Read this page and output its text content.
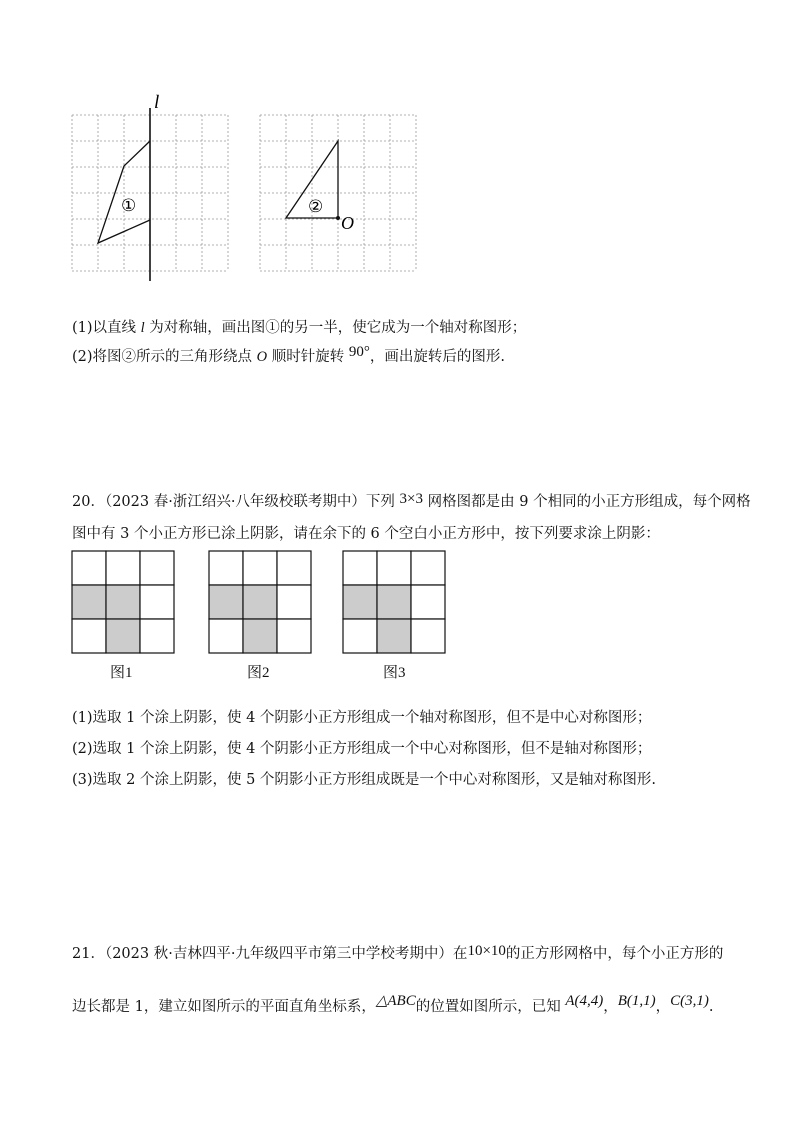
l
①	②
O
(1)以直线 l 为对称轴，画出图①的另一半，使它成为一个轴对称图形；
(2)将图②所示的三角形绕点 O 顺时针旋转 90°，画出旋转后的图形.
20．（2023 春·浙江绍兴·八年级校联考期中）下列 3×3 网格图都是由 9 个相同的小正方形组成，每个网格
图中有 3 个小正方形已涂上阴影，请在余下的 6 个空白小正方形中，按下列要求涂上阴影：
图1	图2	图3
(1)选取 1 个涂上阴影，使 4 个阴影小正方形组成一个轴对称图形，但不是中心对称图形；
(2)选取 1 个涂上阴影，使 4 个阴影小正方形组成一个中心对称图形，但不是轴对称图形；
(3)选取 2 个涂上阴影，使 5 个阴影小正方形组成既是一个中心对称图形，又是轴对称图形.
21．（2023 秋·吉林四平·九年级四平市第三中学校考期中）在10×10的正方形网格中，每个小正方形的
边长都是 1，建立如图所示的平面直角坐标系，△ABC的位置如图所示，已知 A(4,4)，B(1,1)，C(3,1).
